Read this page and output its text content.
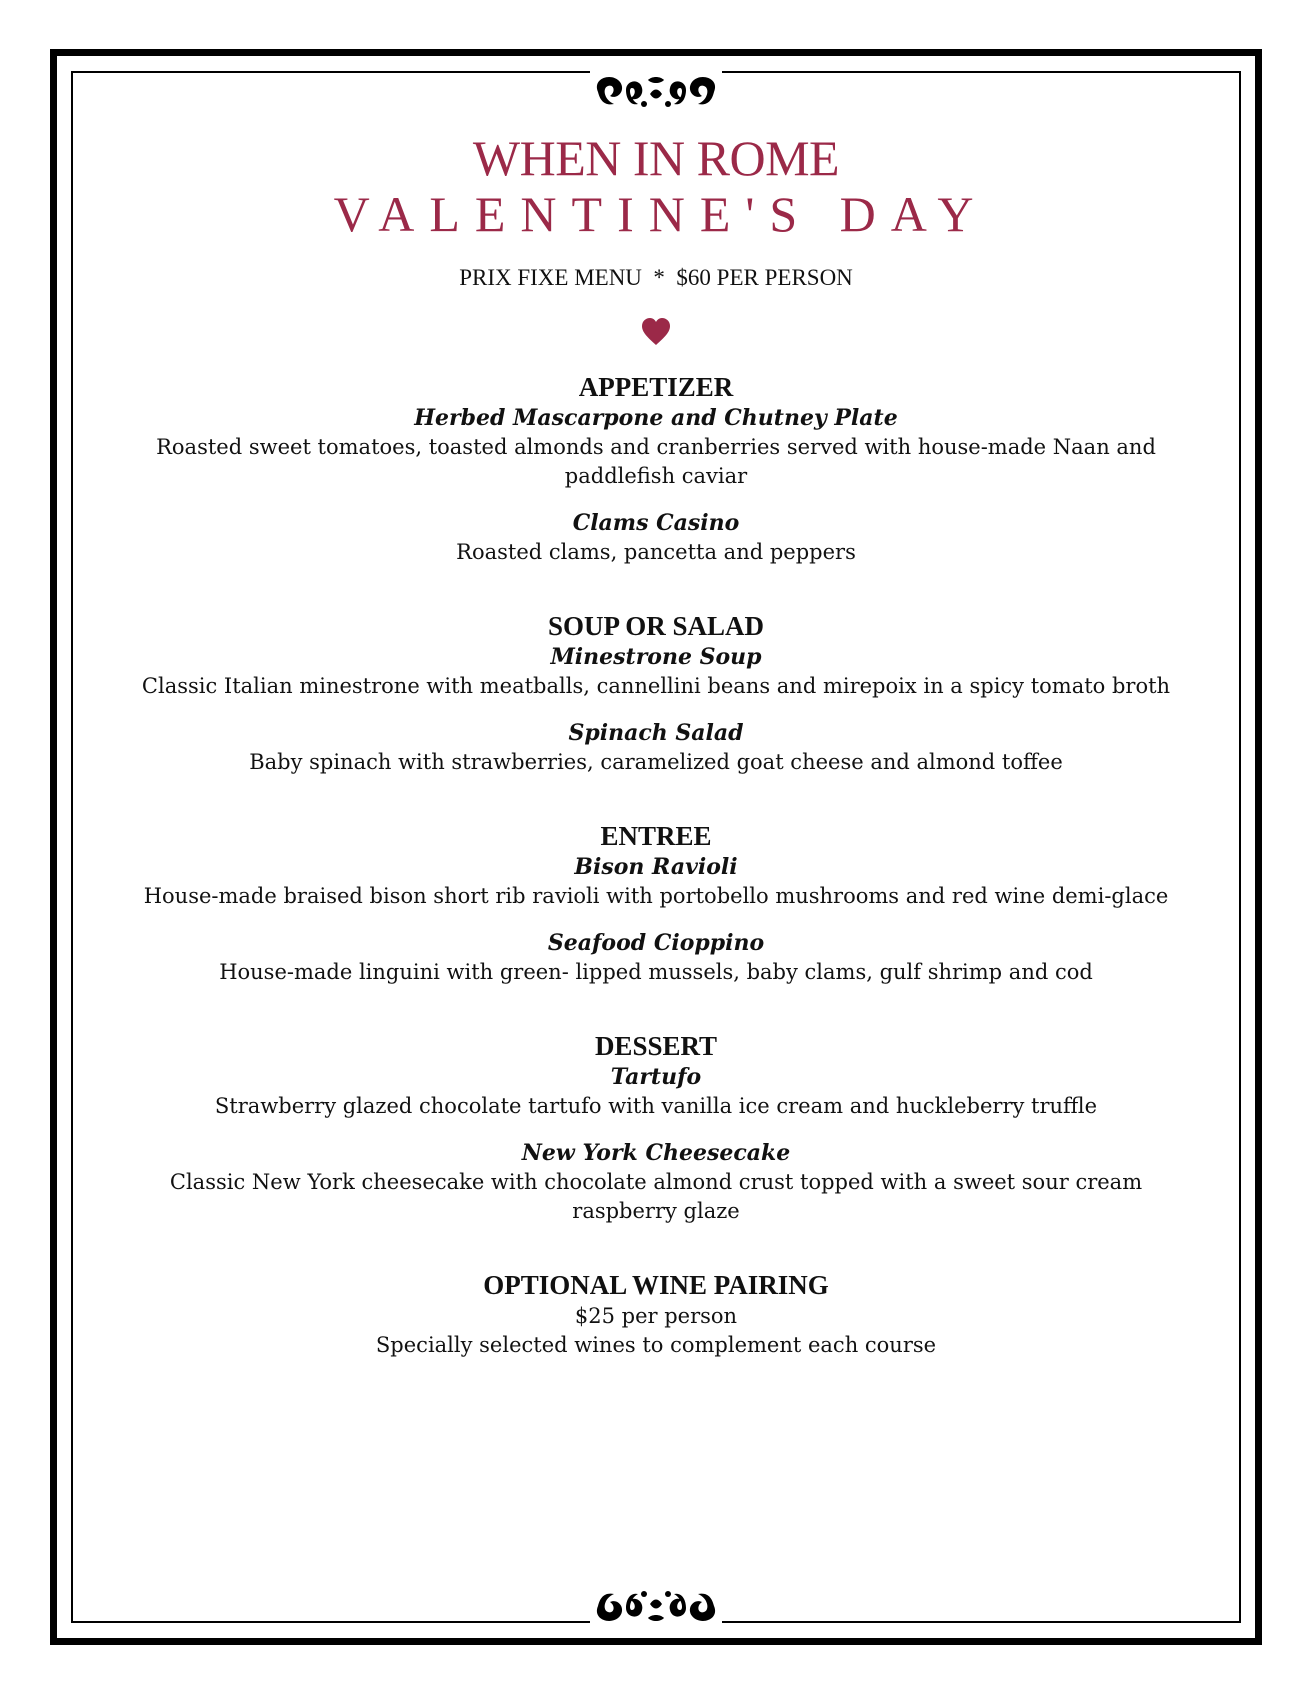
WHEN IN ROME
VALENTINE'S DAY
PRIX FIXE MENU  *  $60 PER PERSON
APPETIZER
Herbed Mascarpone and Chutney Plate
Roasted sweet tomatoes, toasted almonds and cranberries served with house-made Naan and paddlefish caviar
Clams Casino
Roasted clams, pancetta and peppers
SOUP OR SALAD
Minestrone Soup
Classic Italian minestrone with meatballs, cannellini beans and mirepoix in a spicy tomato broth
Spinach Salad
Baby spinach with strawberries, caramelized goat cheese and almond toffee
ENTREE
Bison Ravioli
House-made braised bison short rib ravioli with portobello mushrooms and red wine demi-glace
Seafood Cioppino
House-made linguini with green- lipped mussels, baby clams, gulf shrimp and cod
DESSERT
Tartufo
Strawberry glazed chocolate tartufo with vanilla ice cream and huckleberry truffle
New York Cheesecake
Classic New York cheesecake with chocolate almond crust topped with a sweet sour cream raspberry glaze
OPTIONAL WINE PAIRING
$25 per person
Specially selected wines to complement each course
